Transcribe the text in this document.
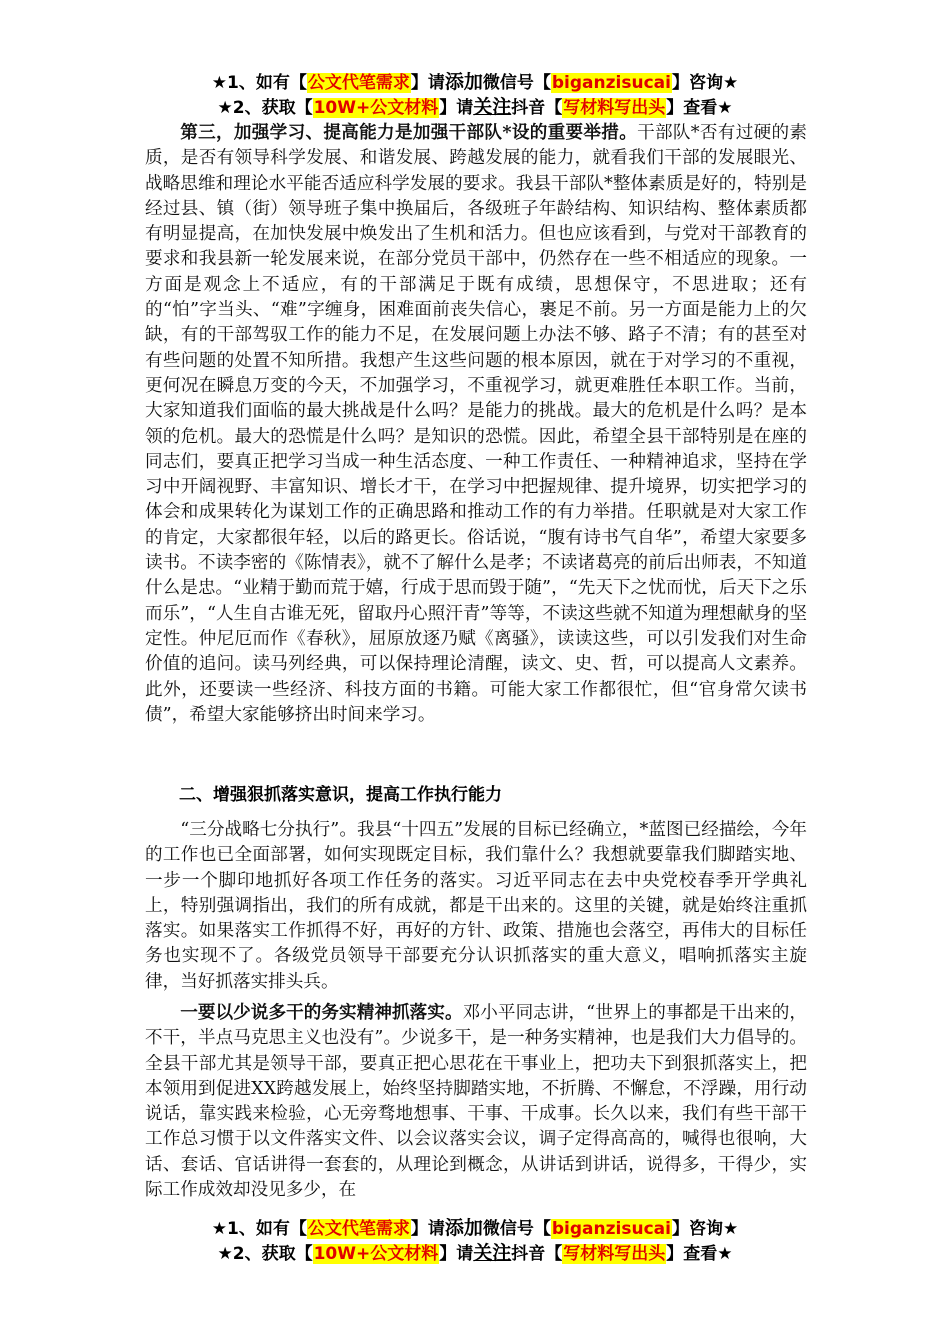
★1、如有【公文代笔需求】请添加微信号【biganzisucai】咨询★
★2、获取【10W+公文材料】请关注抖音【写材料写出头】查看★

第三，加强学习、提高能力是加强干部队*设的重要举措。干部队*否有过硬的素质，是否有领导科学发展、和谐发展、跨越发展的能力，就看我们干部的发展眼光、战略思维和理论水平能否适应科学发展的要求。我县干部队*整体素质是好的，特别是经过县、镇（街）领导班子集中换届后，各级班子年龄结构、知识结构、整体素质都有明显提高，在加快发展中焕发出了生机和活力。但也应该看到，与党对干部教育的要求和我县新一轮发展来说，在部分党员干部中，仍然存在一些不相适应的现象。一方面是观念上不适应，有的干部满足于既有成绩，思想保守，不思进取；还有的“怕”字当头、“难”字缠身，困难面前丧失信心，裹足不前。另一方面是能力上的欠缺，有的干部驾驭工作的能力不足，在发展问题上办法不够、路子不清；有的甚至对有些问题的处置不知所措。我想产生这些问题的根本原因，就在于对学习的不重视，更何况在瞬息万变的今天，不加强学习，不重视学习，就更难胜任本职工作。当前，大家知道我们面临的最大挑战是什么吗？是能力的挑战。最大的危机是什么吗？是本领的危机。最大的恐慌是什么吗？是知识的恐慌。因此，希望全县干部特别是在座的同志们，要真正把学习当成一种生活态度、一种工作责任、一种精神追求，坚持在学习中开阔视野、丰富知识、增长才干，在学习中把握规律、提升境界，切实把学习的体会和成果转化为谋划工作的正确思路和推动工作的有力举措。任职就是对大家工作的肯定，大家都很年轻，以后的路更长。俗话说，“腹有诗书气自华”，希望大家要多读书。不读李密的《陈情表》，就不了解什么是孝；不读诸葛亮的前后出师表，不知道什么是忠。“业精于勤而荒于嬉，行成于思而毁于随”，“先天下之忧而忧，后天下之乐而乐”，“人生自古谁无死，留取丹心照汗青”等等，不读这些就不知道为理想献身的坚定性。仲尼厄而作《春秋》，屈原放逐乃赋《离骚》，读读这些，可以引发我们对生命价值的追问。读马列经典，可以保持理论清醒，读文、史、哲，可以提高人文素养。此外，还要读一些经济、科技方面的书籍。可能大家工作都很忙，但“官身常欠读书债”，希望大家能够挤出时间来学习。

二、增强狠抓落实意识，提高工作执行能力

“三分战略七分执行”。我县“十四五”发展的目标已经确立，*蓝图已经描绘，今年的工作也已全面部署，如何实现既定目标，我们靠什么？我想就要靠我们脚踏实地、一步一个脚印地抓好各项工作任务的落实。习近平同志在去中央党校春季开学典礼上，特别强调指出，我们的所有成就，都是干出来的。这里的关键，就是始终注重抓落实。如果落实工作抓得不好，再好的方针、政策、措施也会落空，再伟大的目标任务也实现不了。各级党员领导干部要充分认识抓落实的重大意义，唱响抓落实主旋律，当好抓落实排头兵。

一要以少说多干的务实精神抓落实。邓小平同志讲，“世界上的事都是干出来的，不干，半点马克思主义也没有”。少说多干，是一种务实精神，也是我们大力倡导的。全县干部尤其是领导干部，要真正把心思花在干事业上，把功夫下到狠抓落实上，把本领用到促进XX跨越发展上，始终坚持脚踏实地，不折腾、不懈怠，不浮躁，用行动说话，靠实践来检验，心无旁骛地想事、干事、干成事。长久以来，我们有些干部干工作总习惯于以文件落实文件、以会议落实会议，调子定得高高的，喊得也很响，大话、套话、官话讲得一套套的，从理论到概念，从讲话到讲话，说得多，干得少，实际工作成效却没见多少，在

★1、如有【公文代笔需求】请添加微信号【biganzisucai】咨询★
★2、获取【10W+公文材料】请关注抖音【写材料写出头】查看★
